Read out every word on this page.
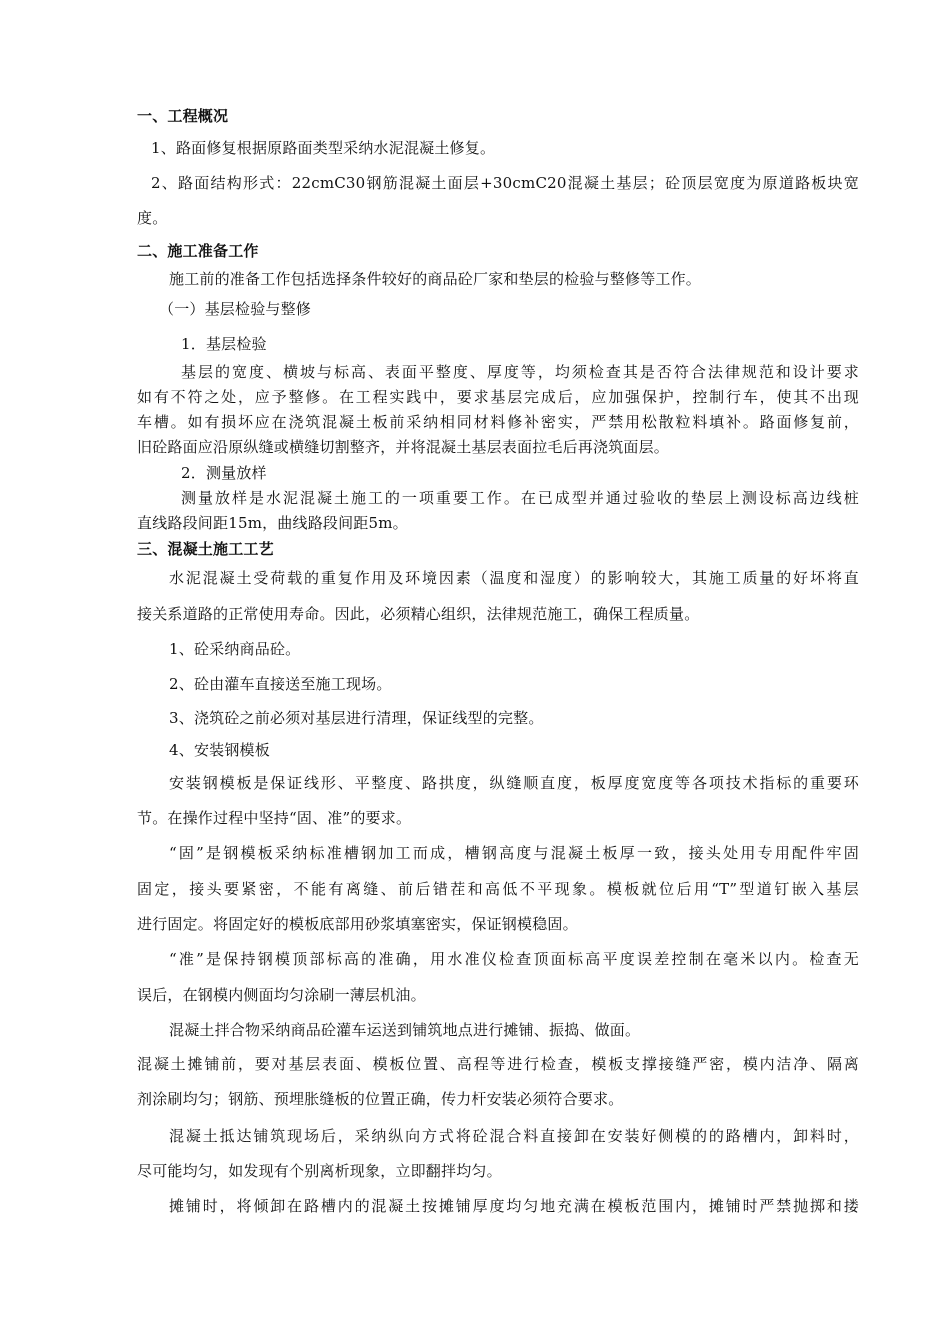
一、工程概况
1、路面修复根据原路面类型采纳水泥混凝土修复。
2、路面结构形式：22cmC30钢筋混凝土面层+30cmC20混凝土基层；砼顶层宽度为原道路板块宽
度。
二、施工准备工作
施工前的准备工作包括选择条件较好的商品砼厂家和垫层的检验与整修等工作。
（一）基层检验与整修
1．基层检验
基层的宽度、横坡与标高、表面平整度、厚度等，均须检查其是否符合法律规范和设计要求
如有不符之处，应予整修。在工程实践中，要求基层完成后，应加强保护，控制行车，使其不出现
车槽。如有损坏应在浇筑混凝土板前采纳相同材料修补密实，严禁用松散粒料填补。路面修复前，
旧砼路面应沿原纵缝或横缝切割整齐，并将混凝土基层表面拉毛后再浇筑面层。
2．测量放样
测量放样是水泥混凝土施工的一项重要工作。在已成型并通过验收的垫层上测设标高边线桩
直线路段间距15m，曲线路段间距5m。
三、混凝土施工工艺
水泥混凝土受荷载的重复作用及环境因素（温度和湿度）的影响较大，其施工质量的好坏将直
接关系道路的正常使用寿命。因此，必须精心组织，法律规范施工，确保工程质量。
1、砼采纳商品砼。
2、砼由灌车直接送至施工现场。
3、浇筑砼之前必须对基层进行清理，保证线型的完整。
4、安装钢模板
安装钢模板是保证线形、平整度、路拱度，纵缝顺直度，板厚度宽度等各项技术指标的重要环
节。在操作过程中坚持“固、准”的要求。
“固”是钢模板采纳标准槽钢加工而成，槽钢高度与混凝土板厚一致，接头处用专用配件牢固
固定，接头要紧密，不能有离缝、前后错茬和高低不平现象。模板就位后用“T”型道钉嵌入基层
进行固定。将固定好的模板底部用砂浆填塞密实，保证钢模稳固。
“准”是保持钢模顶部标高的准确，用水准仪检查顶面标高平度误差控制在毫米以内。检查无
误后，在钢模内侧面均匀涂刷一薄层机油。
混凝土拌合物采纳商品砼灌车运送到铺筑地点进行摊铺、振捣、做面。
混凝土摊铺前，要对基层表面、模板位置、高程等进行检查，模板支撑接缝严密，模内洁净、隔离
剂涂刷均匀；钢筋、预埋胀缝板的位置正确，传力杆安装必须符合要求。
混凝土抵达铺筑现场后，采纳纵向方式将砼混合料直接卸在安装好侧模的的路槽内，卸料时，
尽可能均匀，如发现有个别离析现象，立即翻拌均匀。
摊铺时，将倾卸在路槽内的混凝土按摊铺厚度均匀地充满在模板范围内，摊铺时严禁抛掷和搂
